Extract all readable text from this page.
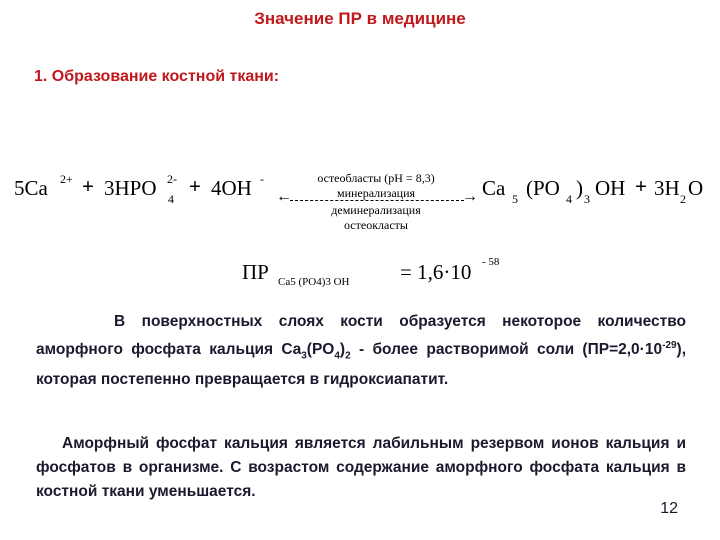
Значение ПР в медицине
1. Образование костной ткани:
5Ca 2+ + 3HPO 2-
4
+ 4OH -	остеобласты (pH = 8,3)
минерализация
←	→
деминерализация
остеокласты
Ca 5 (PO 4 ) 3 OH + 3H 2 O
ПР Ca5 (PO4)3 OH = 1,6·10 - 58
В поверхностных слоях кости образуется некоторое количество аморфного фосфата кальция $Ca_3(PO_4)_2$ - более растворимой соли $(ПР=2,0\cdot 10^{-29})$, которая постепенно превращается в гидроксиапатит.
Аморфный фосфат кальция является лабильным резервом ионов кальция и фосфатов в организме. С возрастом содержание аморфного фосфата кальция в костной ткани уменьшается.
12
